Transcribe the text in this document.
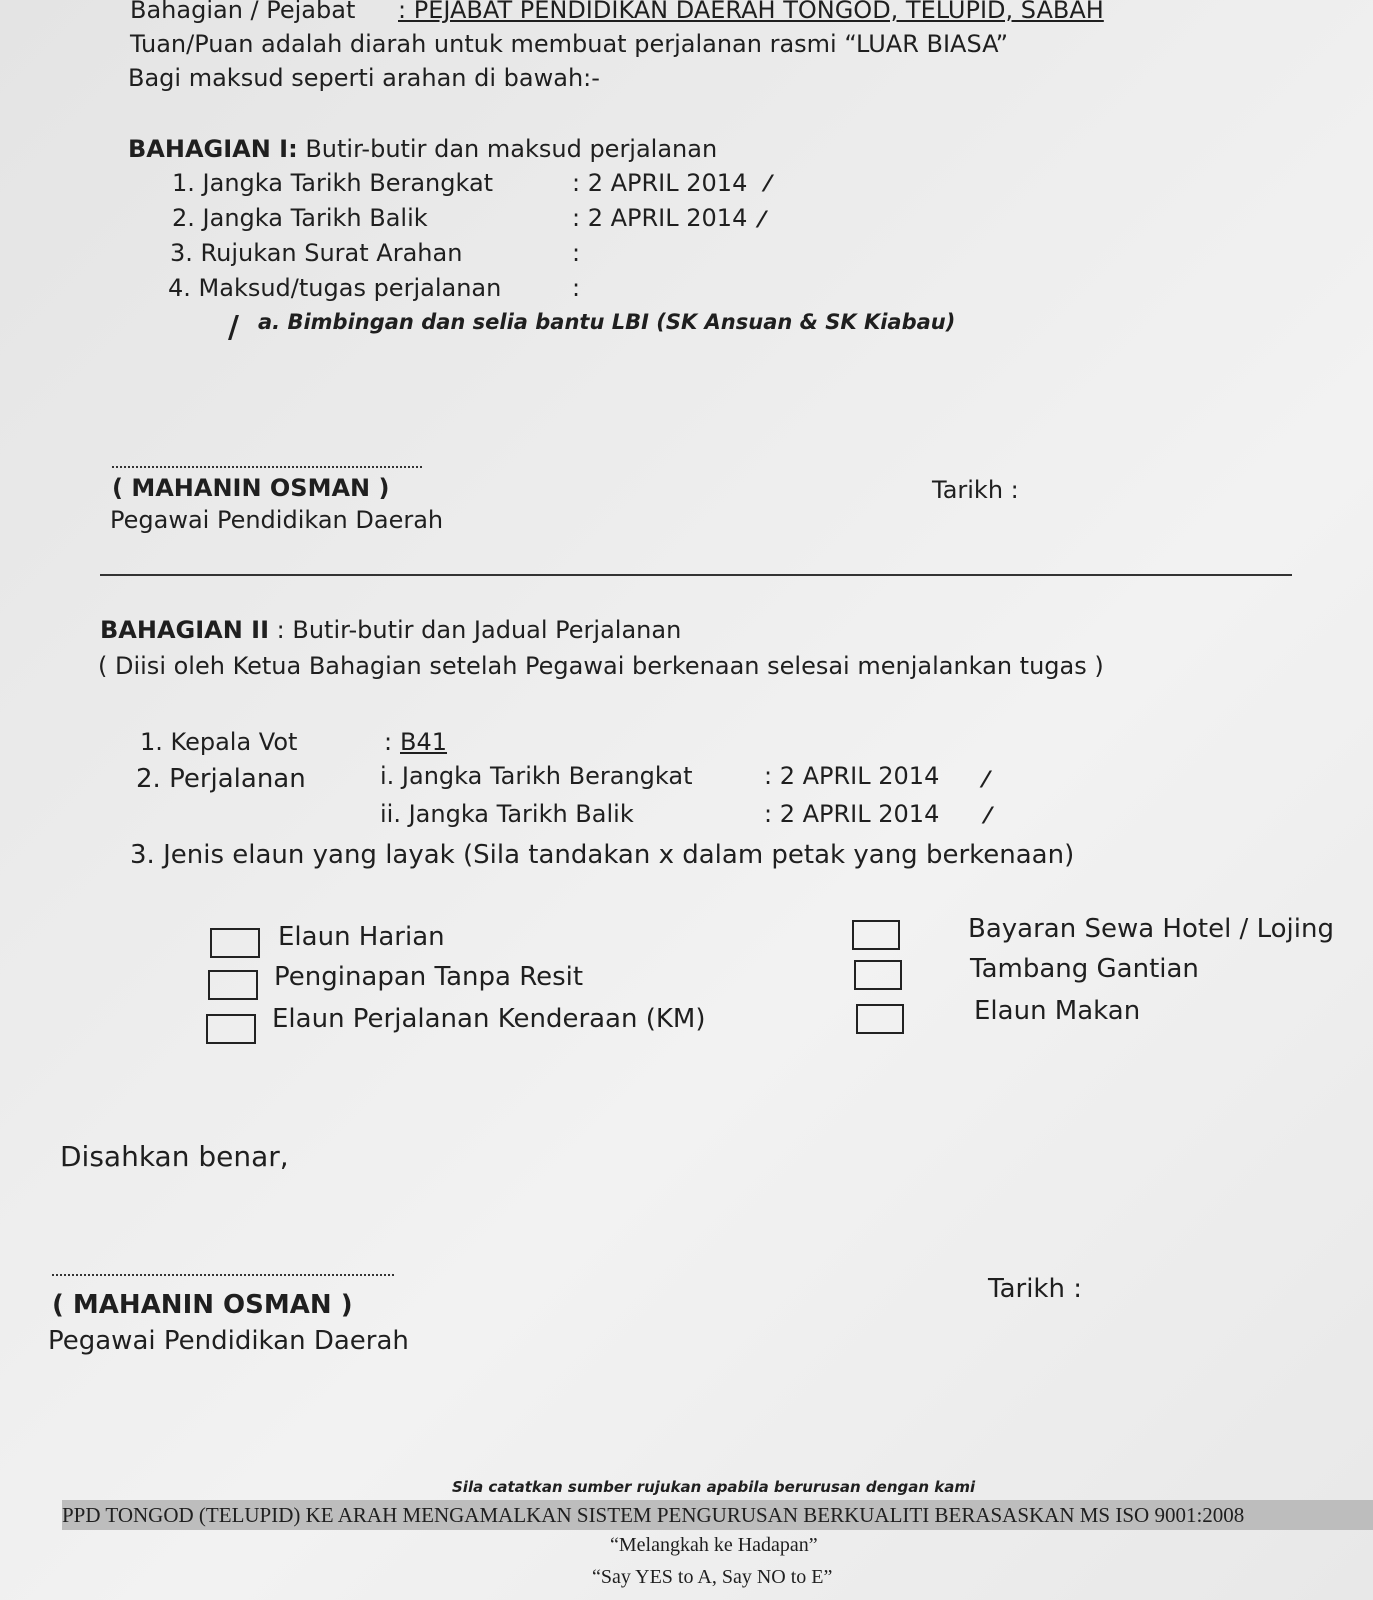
Bahagian / Pejabat : PEJABAT PENDIDIKAN DAERAH TONGOD, TELUPID, SABAH
Tuan/Puan adalah diarah untuk membuat perjalanan rasmi “LUAR BIASA”
Bagi maksud seperti arahan di bawah:-
BAHAGIAN I: Butir-butir dan maksud perjalanan
1. Jangka Tarikh Berangkat	: 2 APRIL 2014 ⁄
2. Jangka Tarikh Balik	: 2 APRIL 2014 ⁄
3. Rujukan Surat Arahan	:
4. Maksud/tugas perjalanan	:
/ a. Bimbingan dan selia bantu LBI (SK Ansuan & SK Kiabau)
( MAHANIN OSMAN )
Pegawai Pendidikan Daerah
Tarikh :
BAHAGIAN II : Butir-butir dan Jadual Perjalanan
( Diisi oleh Ketua Bahagian setelah Pegawai berkenaan selesai menjalankan tugas )
1. Kepala Vot	: B41
2. Perjalanan	i. Jangka Tarikh Berangkat	: 2 APRIL 2014 ⁄
ii. Jangka Tarikh Balik	: 2 APRIL 2014 ⁄
3. Jenis elaun yang layak (Sila tandakan x dalam petak yang berkenaan)
Elaun Harian
Penginapan Tanpa Resit
Elaun Perjalanan Kenderaan (KM)
Bayaran Sewa Hotel / Lojing
Tambang Gantian
Elaun Makan
Disahkan benar,
( MAHANIN OSMAN )
Pegawai Pendidikan Daerah
Tarikh :
Sila catatkan sumber rujukan apabila berurusan dengan kami
PPD TONGOD (TELUPID) KE ARAH MENGAMALKAN SISTEM PENGURUSAN BERKUALITI BERASASKAN MS ISO 9001:2008
“Melangkah ke Hadapan”
“Say YES to A, Say NO to E”
